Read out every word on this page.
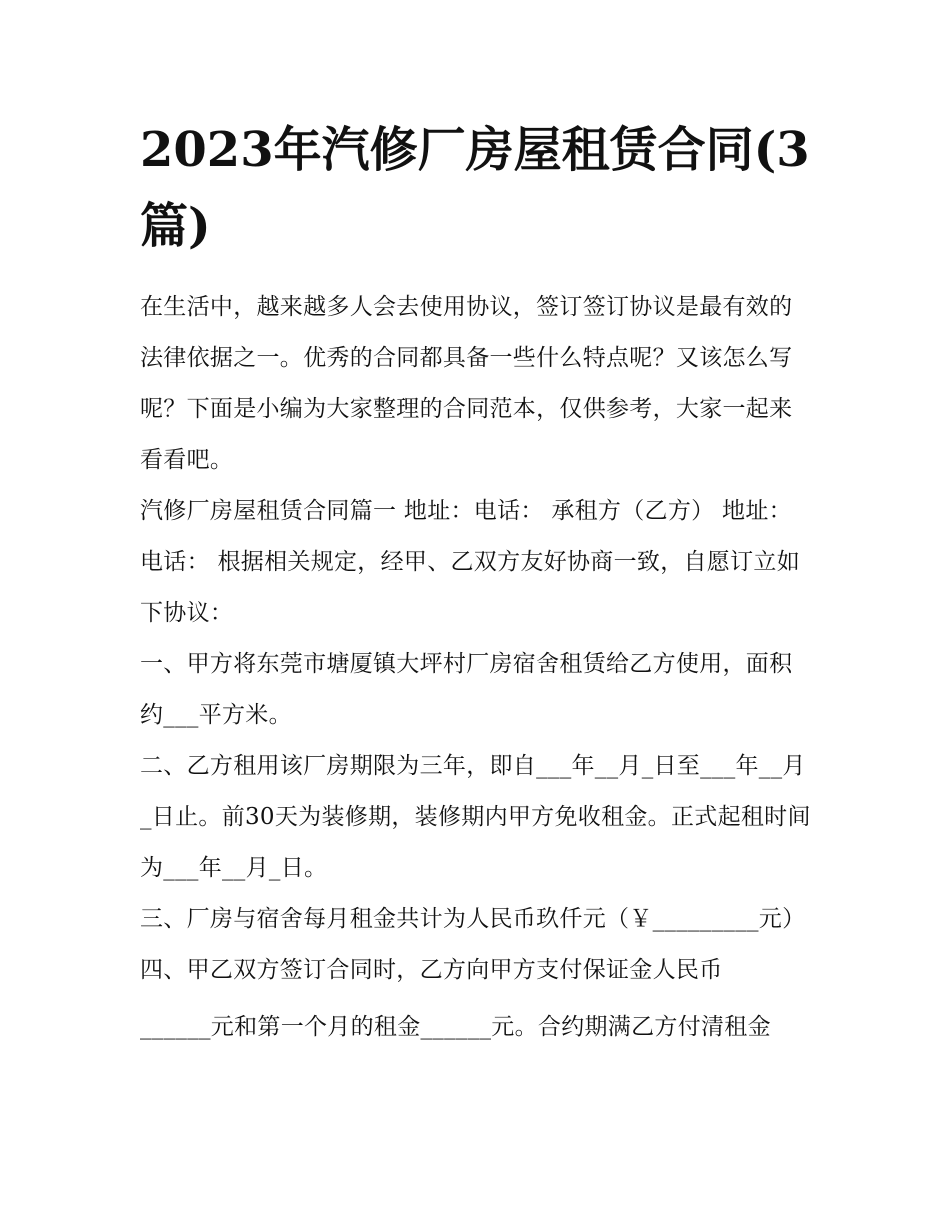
2023年汽修厂房屋租赁合同(3篇)

在生活中，越来越多人会去使用协议，签订签订协议是最有效的法律依据之一。优秀的合同都具备一些什么特点呢？又该怎么写呢？下面是小编为大家整理的合同范本，仅供参考，大家一起来看看吧。

汽修厂房屋租赁合同篇一 地址：电话： 承租方（乙方） 地址：电话： 根据相关规定，经甲、乙双方友好协商一致，自愿订立如下协议：

一、甲方将东莞市塘厦镇大坪村厂房宿舍租赁给乙方使用，面积约___平方米。

二、乙方租用该厂房期限为三年，即自___年__月_日至___年__月_日止。前30天为装修期，装修期内甲方免收租金。正式起租时间为___年__月_日。

三、厂房与宿舍每月租金共计为人民币玖仟元（￥_________元） 四、甲乙双方签订合同时，乙方向甲方支付保证金人民币

______元和第一个月的租金______元。合约期满乙方付清租金
